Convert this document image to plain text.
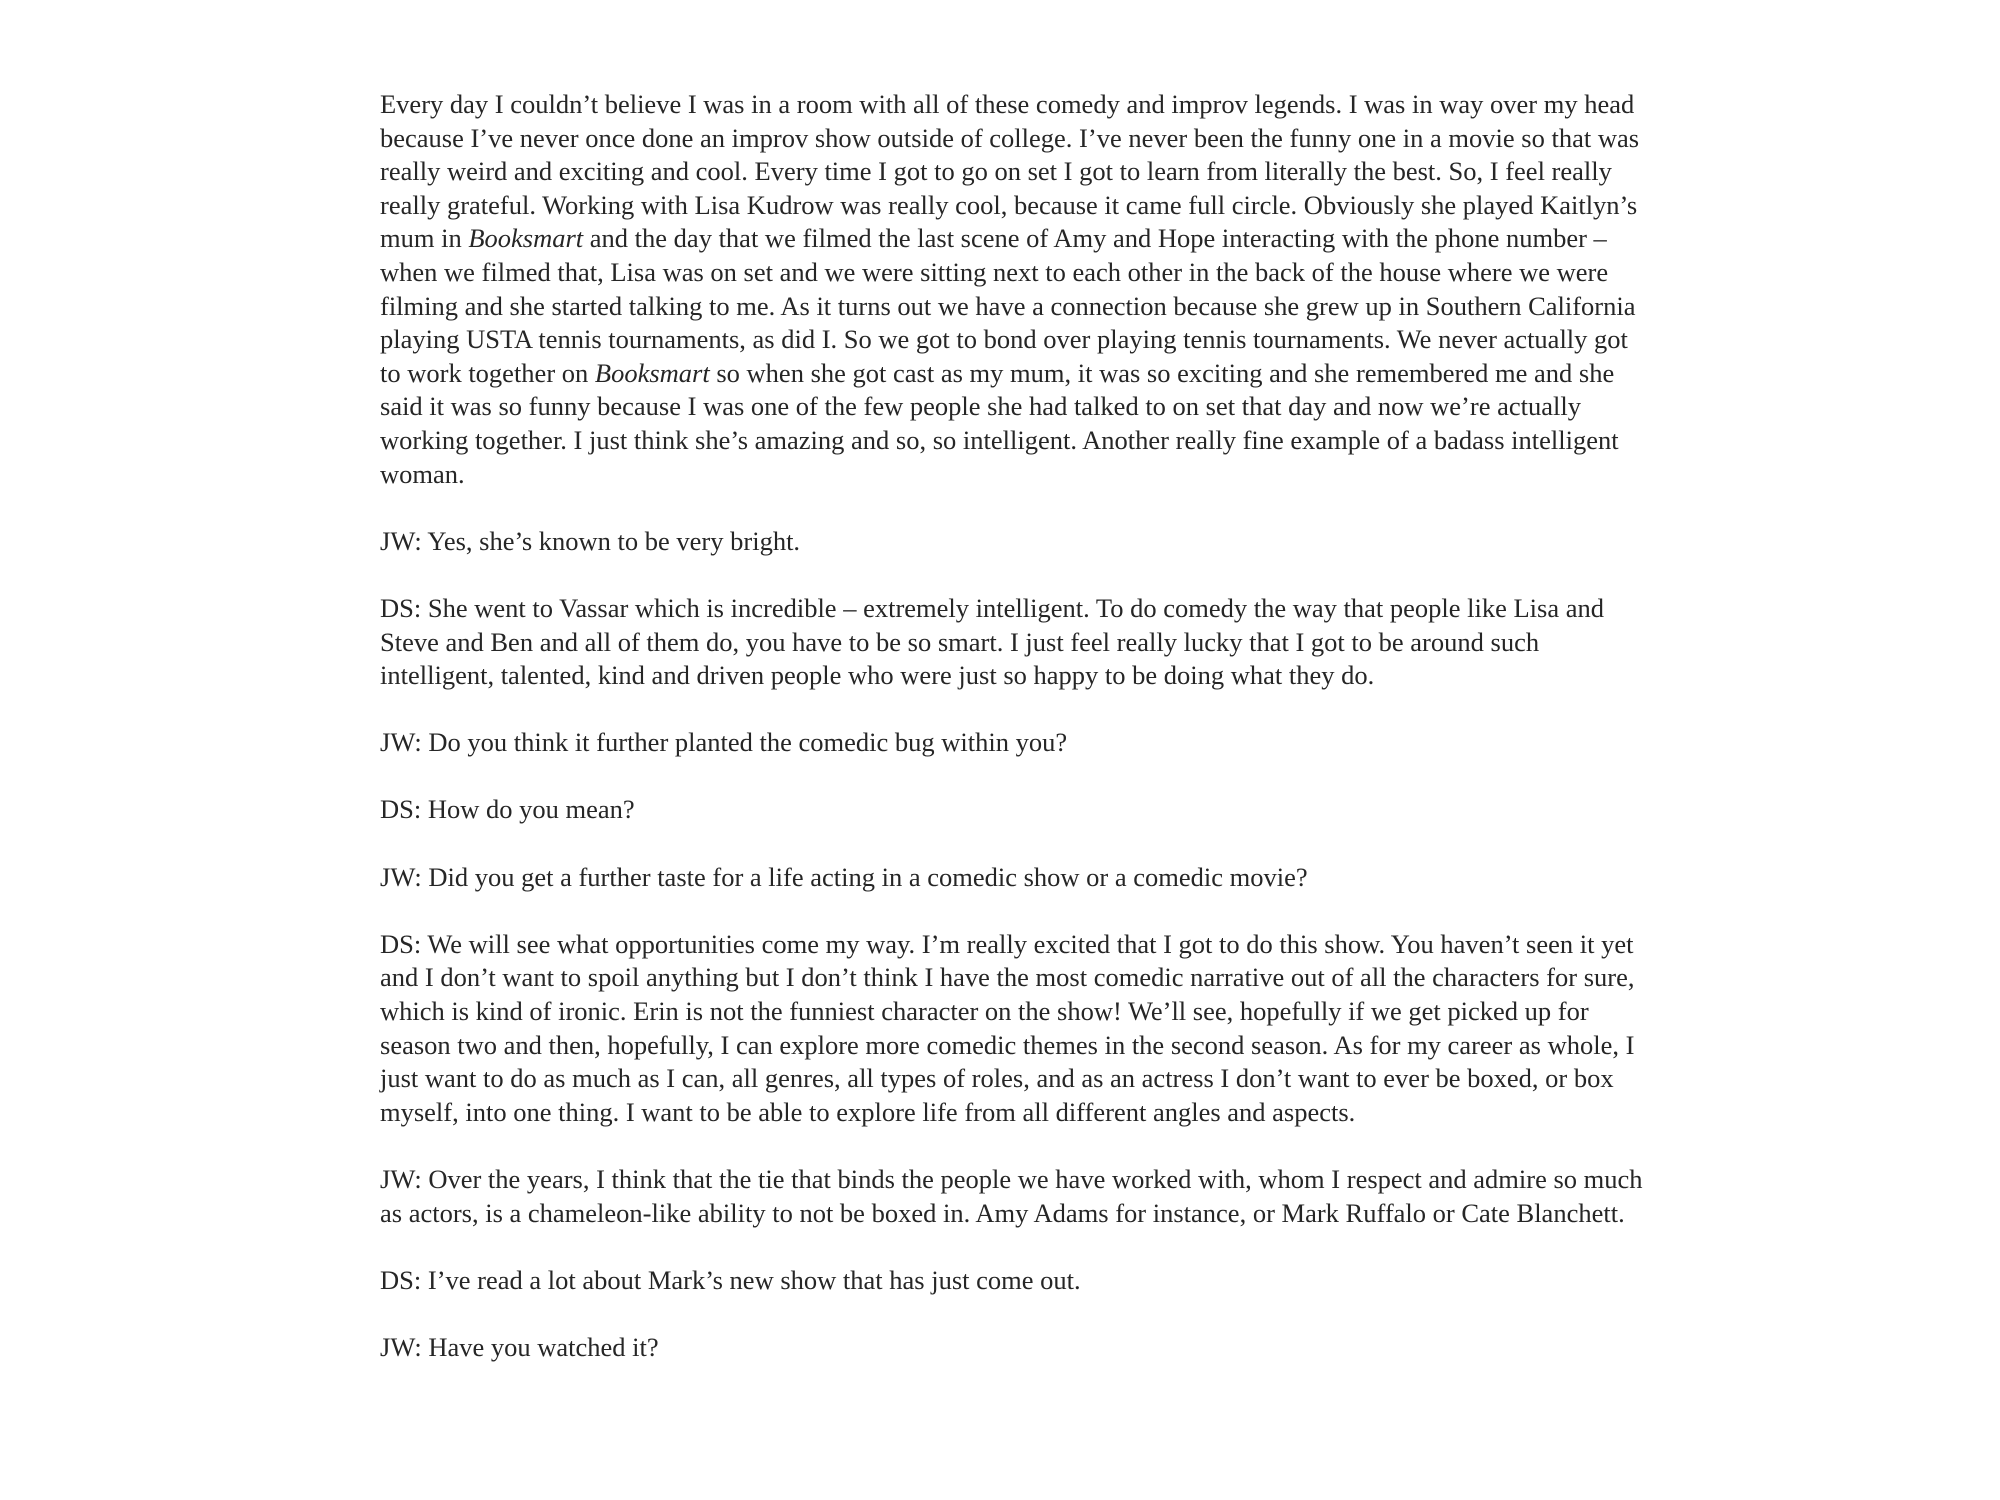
Every day I couldn’t believe I was in a room with all of these comedy and improv legends. I was in way over my head because I’ve never once done an improv show outside of college. I’ve never been the funny one in a movie so that was really weird and exciting and cool. Every time I got to go on set I got to learn from literally the best. So, I feel really really grateful. Working with Lisa Kudrow was really cool, because it came full circle. Obviously she played Kaitlyn’s mum in Booksmart and the day that we filmed the last scene of Amy and Hope interacting with the phone number – when we filmed that, Lisa was on set and we were sitting next to each other in the back of the house where we were filming and she started talking to me. As it turns out we have a connection because she grew up in Southern California playing USTA tennis tournaments, as did I. So we got to bond over playing tennis tournaments. We never actually got to work together on Booksmart so when she got cast as my mum, it was so exciting and she remembered me and she said it was so funny because I was one of the few people she had talked to on set that day and now we’re actually working together. I just think she’s amazing and so, so intelligent. Another really fine example of a badass intelligent woman.

JW: Yes, she’s known to be very bright.

DS: She went to Vassar which is incredible – extremely intelligent. To do comedy the way that people like Lisa and Steve and Ben and all of them do, you have to be so smart. I just feel really lucky that I got to be around such intelligent, talented, kind and driven people who were just so happy to be doing what they do.

JW: Do you think it further planted the comedic bug within you?

DS: How do you mean?

JW: Did you get a further taste for a life acting in a comedic show or a comedic movie?

DS: We will see what opportunities come my way. I’m really excited that I got to do this show. You haven’t seen it yet and I don’t want to spoil anything but I don’t think I have the most comedic narrative out of all the characters for sure, which is kind of ironic. Erin is not the funniest character on the show! We’ll see, hopefully if we get picked up for season two and then, hopefully, I can explore more comedic themes in the second season. As for my career as whole, I just want to do as much as I can, all genres, all types of roles, and as an actress I don’t want to ever be boxed, or box myself, into one thing. I want to be able to explore life from all different angles and aspects.

JW: Over the years, I think that the tie that binds the people we have worked with, whom I respect and admire so much as actors, is a chameleon-like ability to not be boxed in. Amy Adams for instance, or Mark Ruffalo or Cate Blanchett.

DS: I’ve read a lot about Mark’s new show that has just come out.

JW: Have you watched it?
